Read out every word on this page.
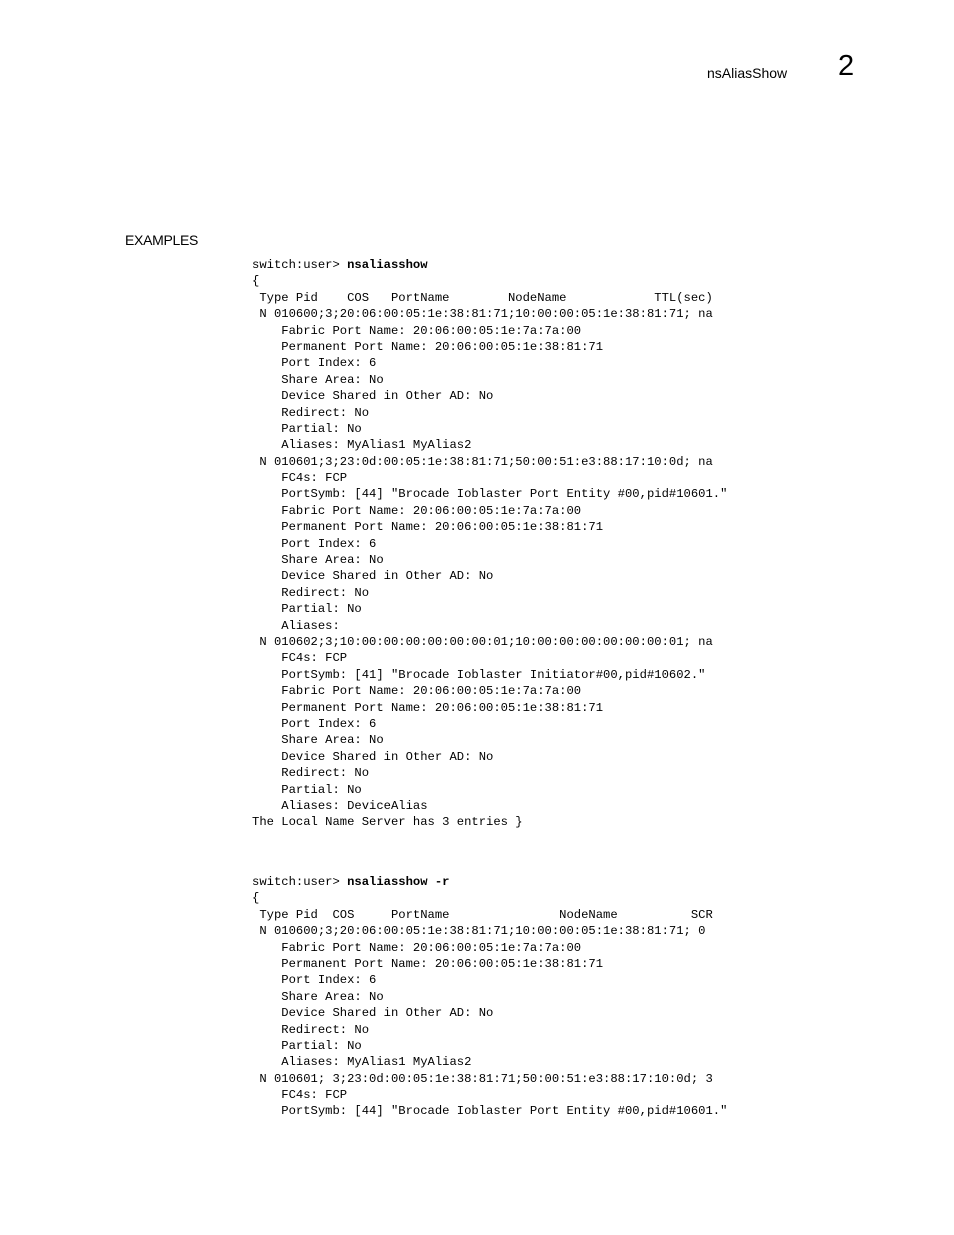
nsAliasShow 2
EXAMPLES
switch:user> nsaliasshow
{
Type Pid    COS   PortName        NodeName            TTL(sec)
N 010600;3;20:06:00:05:1e:38:81:71;10:00:00:05:1e:38:81:71; na
Fabric Port Name: 20:06:00:05:1e:7a:7a:00
Permanent Port Name: 20:06:00:05:1e:38:81:71
Port Index: 6
Share Area: No
Device Shared in Other AD: No
Redirect: No
Partial: No
Aliases: MyAlias1 MyAlias2
N 010601;3;23:0d:00:05:1e:38:81:71;50:00:51:e3:88:17:10:0d; na
FC4s: FCP
PortSymb: [44] "Brocade Ioblaster Port Entity #00,pid#10601."
Fabric Port Name: 20:06:00:05:1e:7a:7a:00
Permanent Port Name: 20:06:00:05:1e:38:81:71
Port Index: 6
Share Area: No
Device Shared in Other AD: No
Redirect: No
Partial: No
Aliases:
N 010602;3;10:00:00:00:00:00:00:01;10:00:00:00:00:00:00:01; na
FC4s: FCP
PortSymb: [41] "Brocade Ioblaster Initiator#00,pid#10602."
Fabric Port Name: 20:06:00:05:1e:7a:7a:00
Permanent Port Name: 20:06:00:05:1e:38:81:71
Port Index: 6
Share Area: No
Device Shared in Other AD: No
Redirect: No
Partial: No
Aliases: DeviceAlias
The Local Name Server has 3 entries }
switch:user> nsaliasshow -r
{
Type Pid  COS     PortName               NodeName          SCR
N 010600;3;20:06:00:05:1e:38:81:71;10:00:00:05:1e:38:81:71; 0
Fabric Port Name: 20:06:00:05:1e:7a:7a:00
Permanent Port Name: 20:06:00:05:1e:38:81:71
Port Index: 6
Share Area: No
Device Shared in Other AD: No
Redirect: No
Partial: No
Aliases: MyAlias1 MyAlias2
N 010601; 3;23:0d:00:05:1e:38:81:71;50:00:51:e3:88:17:10:0d; 3
FC4s: FCP
PortSymb: [44] "Brocade Ioblaster Port Entity #00,pid#10601."
